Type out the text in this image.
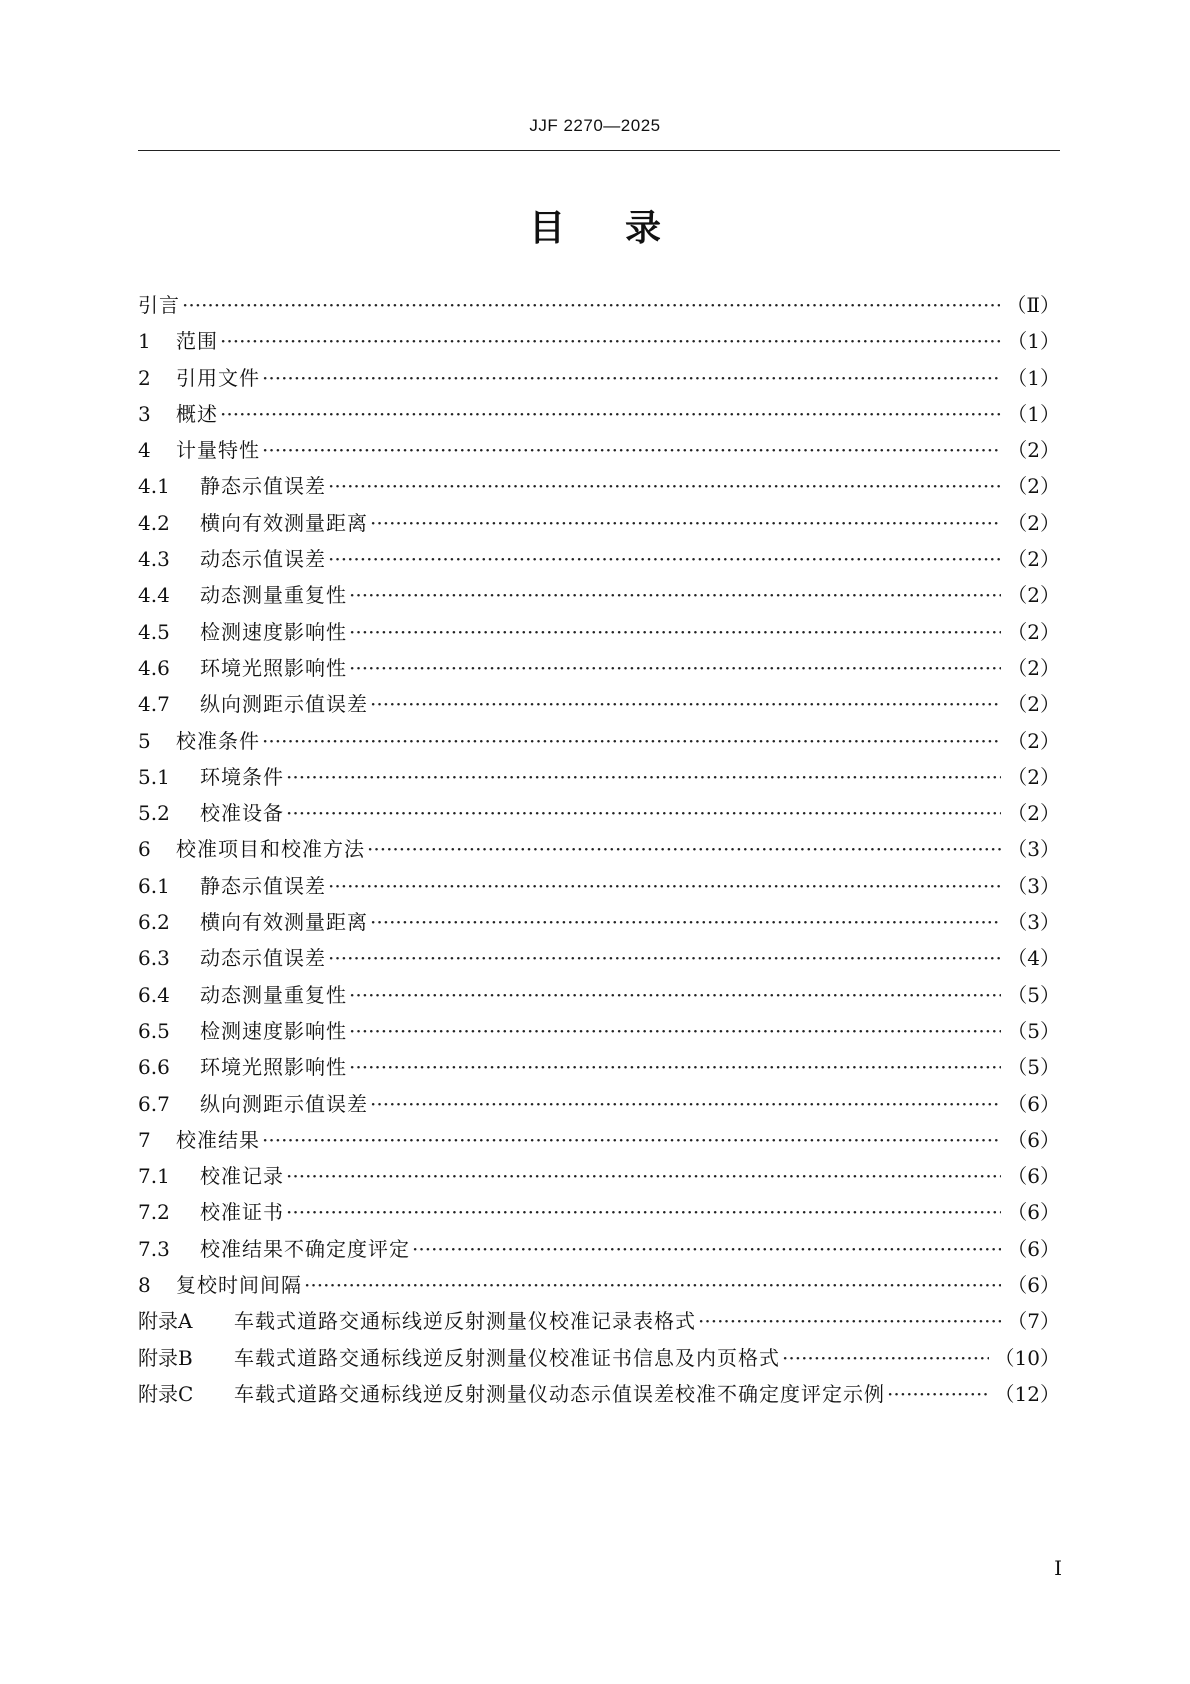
JJF 2270—2025
目录
引言 ·····	（Ⅱ）
1	范围 ·····	（1）
2	引用文件 ·····	（1）
3	概述 ·····	（1）
4	计量特性 ·····	（2）
4.1	静态示值误差 ·····	（2）
4.2	横向有效测量距离 ·····	（2）
4.3	动态示值误差 ·····	（2）
4.4	动态测量重复性 ·····	（2）
4.5	检测速度影响性 ·····	（2）
4.6	环境光照影响性 ·····	（2）
4.7	纵向测距示值误差 ·····	（2）
5	校准条件 ·····	（2）
5.1	环境条件 ·····	（2）
5.2	校准设备 ·····	（2）
6	校准项目和校准方法 ·····	（3）
6.1	静态示值误差 ·····	（3）
6.2	横向有效测量距离 ·····	（3）
6.3	动态示值误差 ·····	（4）
6.4	动态测量重复性 ·····	（5）
6.5	检测速度影响性 ·····	（5）
6.6	环境光照影响性 ·····	（5）
6.7	纵向测距示值误差 ·····	（6）
7	校准结果 ·····	（6）
7.1	校准记录 ·····	（6）
7.2	校准证书 ·····	（6）
7.3	校准结果不确定度评定 ·····	（6）
8	复校时间间隔 ·····	（6）
附录A	车载式道路交通标线逆反射测量仪校准记录表格式 ·····	（7）
附录B	车载式道路交通标线逆反射测量仪校准证书信息及内页格式 ·····	（10）
附录C	车载式道路交通标线逆反射测量仪动态示值误差校准不确定度评定示例 ·····	（12）
Ⅰ
